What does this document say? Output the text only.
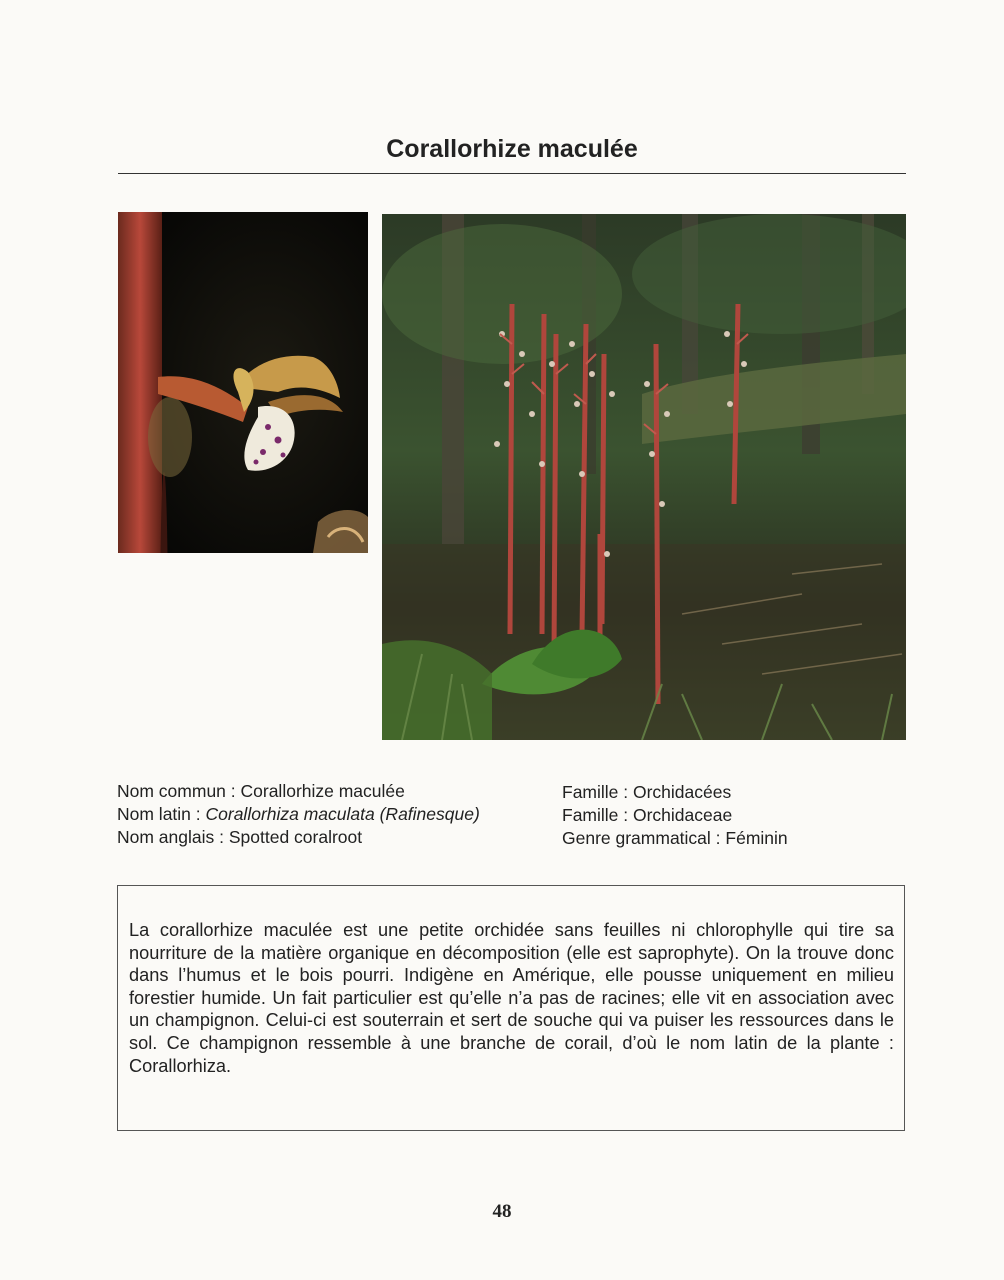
Corallorhize maculée
Nom commun : Corallorhize maculée
Nom latin : Corallorhiza maculata (Rafinesque)
Nom anglais : Spotted coralroot
Famille : Orchidacées
Famille : Orchidaceae
Genre grammatical : Féminin

La corallorhize maculée est une petite orchidée sans feuilles ni chlorophylle qui tire sa nourriture de la matière organique en décomposition (elle est saprophyte). On la trouve donc dans l’humus et le bois pourri. Indigène en Amérique, elle pousse uniquement en milieu forestier humide. Un fait particulier est qu’elle n’a pas de racines; elle vit en association avec un champignon. Celui-ci est souterrain et sert de souche qui va puiser les ressources dans le sol. Ce champignon ressemble à une branche de corail, d’où le nom latin de la plante : Corallorhiza.

48
